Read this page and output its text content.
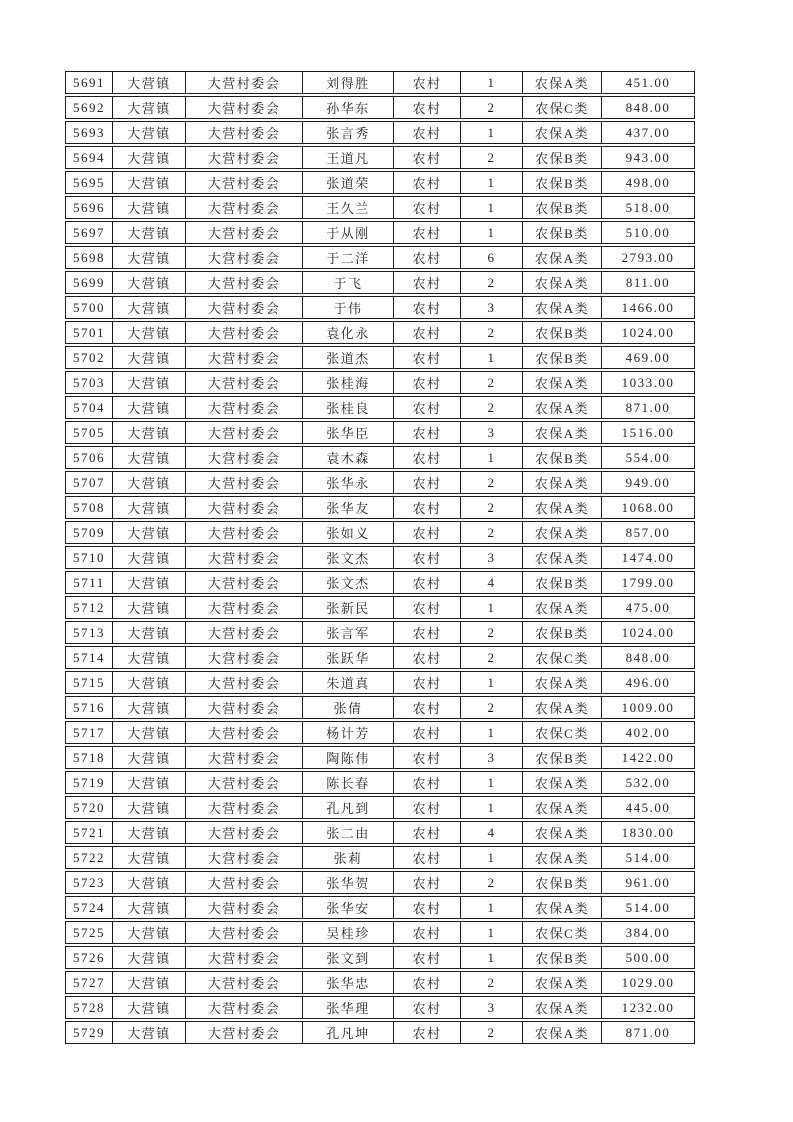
5691	大营镇	大营村委会	刘得胜	农村	1	农保A类	451.00
5692	大营镇	大营村委会	孙华东	农村	2	农保C类	848.00
5693	大营镇	大营村委会	张言秀	农村	1	农保A类	437.00
5694	大营镇	大营村委会	王道凡	农村	2	农保B类	943.00
5695	大营镇	大营村委会	张道荣	农村	1	农保B类	498.00
5696	大营镇	大营村委会	王久兰	农村	1	农保B类	518.00
5697	大营镇	大营村委会	于从刚	农村	1	农保B类	510.00
5698	大营镇	大营村委会	于二洋	农村	6	农保A类	2793.00
5699	大营镇	大营村委会	于飞	农村	2	农保A类	811.00
5700	大营镇	大营村委会	于伟	农村	3	农保A类	1466.00
5701	大营镇	大营村委会	袁化永	农村	2	农保B类	1024.00
5702	大营镇	大营村委会	张道杰	农村	1	农保B类	469.00
5703	大营镇	大营村委会	张桂海	农村	2	农保A类	1033.00
5704	大营镇	大营村委会	张桂良	农村	2	农保A类	871.00
5705	大营镇	大营村委会	张华臣	农村	3	农保A类	1516.00
5706	大营镇	大营村委会	袁木森	农村	1	农保B类	554.00
5707	大营镇	大营村委会	张华永	农村	2	农保A类	949.00
5708	大营镇	大营村委会	张华友	农村	2	农保A类	1068.00
5709	大营镇	大营村委会	张如义	农村	2	农保A类	857.00
5710	大营镇	大营村委会	张文杰	农村	3	农保A类	1474.00
5711	大营镇	大营村委会	张文杰	农村	4	农保B类	1799.00
5712	大营镇	大营村委会	张新民	农村	1	农保A类	475.00
5713	大营镇	大营村委会	张言军	农村	2	农保B类	1024.00
5714	大营镇	大营村委会	张跃华	农村	2	农保C类	848.00
5715	大营镇	大营村委会	朱道真	农村	1	农保A类	496.00
5716	大营镇	大营村委会	张倩	农村	2	农保A类	1009.00
5717	大营镇	大营村委会	杨计芳	农村	1	农保C类	402.00
5718	大营镇	大营村委会	陶陈伟	农村	3	农保B类	1422.00
5719	大营镇	大营村委会	陈长春	农村	1	农保A类	532.00
5720	大营镇	大营村委会	孔凡到	农村	1	农保A类	445.00
5721	大营镇	大营村委会	张二由	农村	4	农保A类	1830.00
5722	大营镇	大营村委会	张莉	农村	1	农保A类	514.00
5723	大营镇	大营村委会	张华贺	农村	2	农保B类	961.00
5724	大营镇	大营村委会	张华安	农村	1	农保A类	514.00
5725	大营镇	大营村委会	吴桂珍	农村	1	农保C类	384.00
5726	大营镇	大营村委会	张文到	农村	1	农保B类	500.00
5727	大营镇	大营村委会	张华忠	农村	2	农保A类	1029.00
5728	大营镇	大营村委会	张华理	农村	3	农保A类	1232.00
5729	大营镇	大营村委会	孔凡坤	农村	2	农保A类	871.00
